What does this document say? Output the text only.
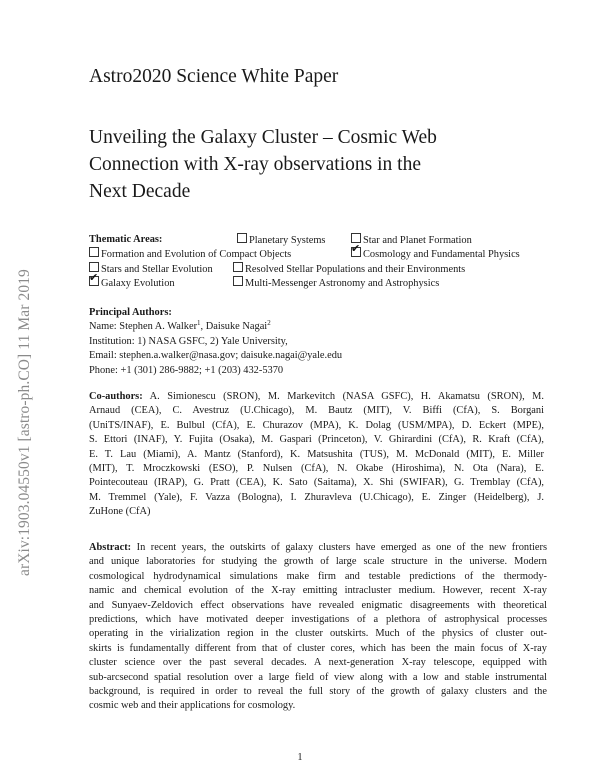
arXiv:1903.04550v1 [astro-ph.CO] 11 Mar 2019
Astro2020 Science White Paper
Unveiling the Galaxy Cluster – Cosmic Web
Connection with X-ray observations in the
Next Decade
Thematic Areas:	Planetary Systems	Star and Planet Formation
Formation and Evolution of Compact Objects
✔	Cosmology and Fundamental Physics
Stars and Stellar Evolution	Resolved Stellar Populations and their Environments
✔Galaxy Evolution	Multi-Messenger Astronomy and Astrophysics
Principal Authors:
Name: Stephen A. Walker$^1$, Daisuke Nagai$^2$
Institution: 1) NASA GSFC, 2) Yale University,
Email: stephen.a.walker@nasa.gov; daisuke.nagai@yale.edu
Phone: +1 (301) 286-9882; +1 (203) 432-5370
Co-authors: A. Simionescu (SRON), M. Markevitch (NASA GSFC), H. Akamatsu (SRON), M.
Arnaud (CEA), C. Avestruz (U.Chicago), M. Bautz (MIT), V. Biffi (CfA), S. Borgani
(UniTS/INAF), E. Bulbul (CfA), E. Churazov (MPA), K. Dolag (USM/MPA), D. Eckert (MPE),
S. Ettori (INAF), Y. Fujita (Osaka), M. Gaspari (Princeton), V. Ghirardini (CfA), R. Kraft (CfA),
E. T. Lau (Miami), A. Mantz (Stanford), K. Matsushita (TUS), M. McDonald (MIT), E. Miller
(MIT), T. Mroczkowski (ESO), P. Nulsen (CfA), N. Okabe (Hiroshima), N. Ota (Nara), E.
Pointecouteau (IRAP), G. Pratt (CEA), K. Sato (Saitama), X. Shi (SWIFAR), G. Tremblay (CfA),
M. Tremmel (Yale), F. Vazza (Bologna), I. Zhuravleva (U.Chicago), E. Zinger (Heidelberg), J.
ZuHone (CfA)
Abstract: In recent years, the outskirts of galaxy clusters have emerged as one of the new frontiers
and unique laboratories for studying the growth of large scale structure in the universe. Modern
cosmological hydrodynamical simulations make firm and testable predictions of the thermody-
namic and chemical evolution of the X-ray emitting intracluster medium. However, recent X-ray
and Sunyaev-Zeldovich effect observations have revealed enigmatic disagreements with theoretical
predictions, which have motivated deeper investigations of a plethora of astrophysical processes
operating in the virialization region in the cluster outskirts. Much of the physics of cluster out-
skirts is fundamentally different from that of cluster cores, which has been the main focus of X-ray
cluster science over the past several decades. A next-generation X-ray telescope, equipped with
sub-arcsecond spatial resolution over a large field of view along with a low and stable instrumental
background, is required in order to reveal the full story of the growth of galaxy clusters and the
cosmic web and their applications for cosmology.
1
